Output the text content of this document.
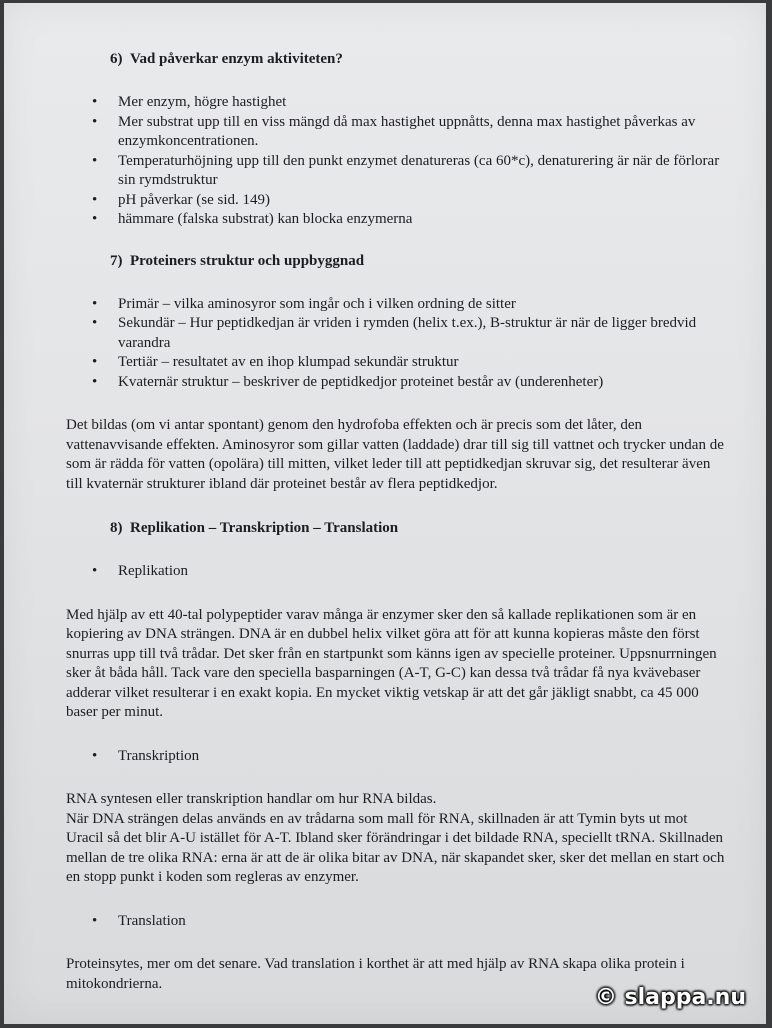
6) Vad påverkar enzym aktiviteten?
• Mer enzym, högre hastighet
• Mer substrat upp till en viss mängd då max hastighet uppnåtts, denna max hastighet påverkas av enzymkoncentrationen.
• Temperaturhöjning upp till den punkt enzymet denatureras (ca 60*c), denaturering är när de förlorar sin rymdstruktur
• pH påverkar (se sid. 149)
• hämmare (falska substrat) kan blocka enzymerna
7) Proteiners struktur och uppbyggnad
• Primär – vilka aminosyror som ingår och i vilken ordning de sitter
• Sekundär – Hur peptidkedjan är vriden i rymden (helix t.ex.), B-struktur är när de ligger bredvid varandra
• Tertiär – resultatet av en ihop klumpad sekundär struktur
• Kvaternär struktur – beskriver de peptidkedjor proteinet består av (underenheter)

Det bildas (om vi antar spontant) genom den hydrofoba effekten och är precis som det låter, den vattenavvisande effekten. Aminosyror som gillar vatten (laddade) drar till sig till vattnet och trycker undan de som är rädda för vatten (opolära) till mitten, vilket leder till att peptidkedjan skruvar sig, det resulterar även till kvaternär strukturer ibland där proteinet består av flera peptidkedjor.

8) Replikation – Transkription – Translation
• Replikation

Med hjälp av ett 40-tal polypeptider varav många är enzymer sker den så kallade replikationen som är en kopiering av DNA strängen. DNA är en dubbel helix vilket göra att för att kunna kopieras måste den först snurras upp till två trådar. Det sker från en startpunkt som känns igen av specielle proteiner. Uppsnurrningen sker åt båda håll. Tack vare den speciella basparningen (A-T, G-C) kan dessa två trådar få nya kvävebaser adderar vilket resulterar i en exakt kopia. En mycket viktig vetskap är att det går jäkligt snabbt, ca 45 000 baser per minut.

• Transkription

RNA syntesen eller transkription handlar om hur RNA bildas.

När DNA strängen delas används en av trådarna som mall för RNA, skillnaden är att Tymin byts ut mot Uracil så det blir A-U istället för A-T. Ibland sker förändringar i det bildade RNA, speciellt tRNA. Skillnaden mellan de tre olika RNA: erna är att de är olika bitar av DNA, när skapandet sker, sker det mellan en start och en stopp punkt i koden som regleras av enzymer.

• Translation

Proteinsytes, mer om det senare. Vad translation i korthet är att med hjälp av RNA skapa olika protein i mitokondrierna.

© slappa.nu
